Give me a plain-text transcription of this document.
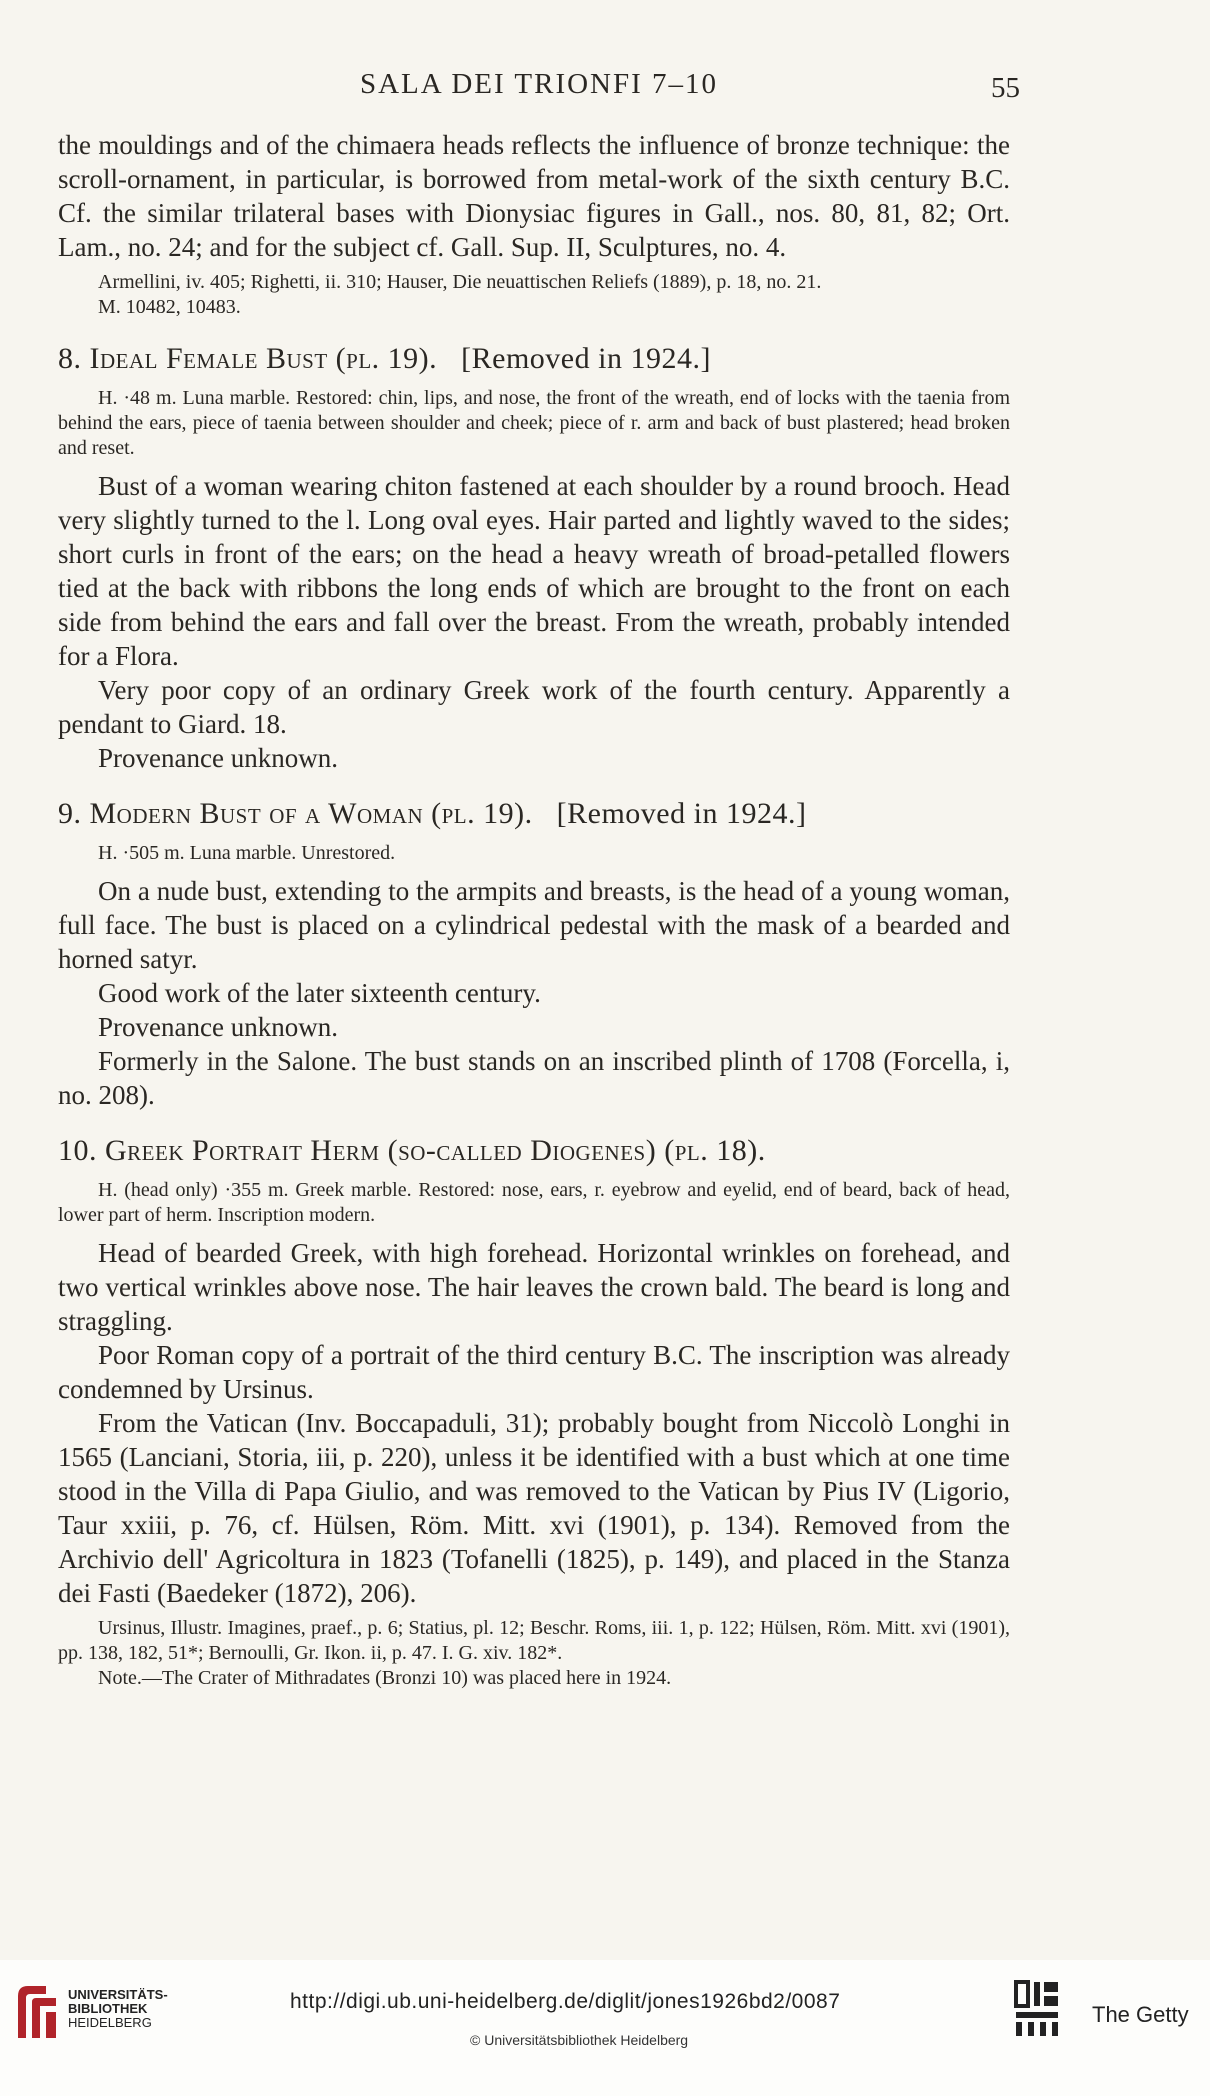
SALA DEI TRIONFI 7–10	55

the mouldings and of the chimaera heads reflects the influence of bronze technique: the scroll-ornament, in particular, is borrowed from metal-work of the sixth century B.C. Cf. the similar trilateral bases with Dionysiac figures in Gall., nos. 80, 81, 82; Ort. Lam., no. 24; and for the subject cf. Gall. Sup. II, Sculptures, no. 4.

Armellini, iv. 405; Righetti, ii. 310; Hauser, Die neuattischen Reliefs (1889), p. 18, no. 21.

M. 10482, 10483.

8. Ideal Female Bust (pl. 19). [Removed in 1924.]

H. ·48 m. Luna marble. Restored: chin, lips, and nose, the front of the wreath, end of locks with the taenia from behind the ears, piece of taenia between shoulder and cheek; piece of r. arm and back of bust plastered; head broken and reset.

Bust of a woman wearing chiton fastened at each shoulder by a round brooch. Head very slightly turned to the l. Long oval eyes. Hair parted and lightly waved to the sides; short curls in front of the ears; on the head a heavy wreath of broad-petalled flowers tied at the back with ribbons the long ends of which are brought to the front on each side from behind the ears and fall over the breast. From the wreath, probably intended for a Flora.

Very poor copy of an ordinary Greek work of the fourth century. Apparently a pendant to Giard. 18.

Provenance unknown.

9. Modern Bust of a Woman (pl. 19). [Removed in 1924.]

H. ·505 m. Luna marble. Unrestored.

On a nude bust, extending to the armpits and breasts, is the head of a young woman, full face. The bust is placed on a cylindrical pedestal with the mask of a bearded and horned satyr.

Good work of the later sixteenth century.

Provenance unknown.

Formerly in the Salone. The bust stands on an inscribed plinth of 1708 (Forcella, i, no. 208).

10. Greek Portrait Herm (so-called Diogenes) (pl. 18).

H. (head only) ·355 m. Greek marble. Restored: nose, ears, r. eyebrow and eyelid, end of beard, back of head, lower part of herm. Inscription modern.

Head of bearded Greek, with high forehead. Horizontal wrinkles on forehead, and two vertical wrinkles above nose. The hair leaves the crown bald. The beard is long and straggling.

Poor Roman copy of a portrait of the third century B.C. The inscription was already condemned by Ursinus.

From the Vatican (Inv. Boccapaduli, 31); probably bought from Niccolò Longhi in 1565 (Lanciani, Storia, iii, p. 220), unless it be identified with a bust which at one time stood in the Villa di Papa Giulio, and was removed to the Vatican by Pius IV (Ligorio, Taur xxiii, p. 76, cf. Hülsen, Röm. Mitt. xvi (1901), p. 134). Removed from the Archivio dell' Agricoltura in 1823 (Tofanelli (1825), p. 149), and placed in the Stanza dei Fasti (Baedeker (1872), 206).

Ursinus, Illustr. Imagines, praef., p. 6; Statius, pl. 12; Beschr. Roms, iii. 1, p. 122; Hülsen, Röm. Mitt. xvi (1901), pp. 138, 182, 51*; Bernoulli, Gr. Ikon. ii, p. 47. I. G. xiv. 182*.

Note.—The Crater of Mithradates (Bronzi 10) was placed here in 1924.

UNIVERSITÄTS-
BIBLIOTHEK
HEIDELBERG
http://digi.ub.uni-heidelberg.de/diglit/jones1926bd2/0087
© Universitätsbibliothek Heidelberg
The Getty
